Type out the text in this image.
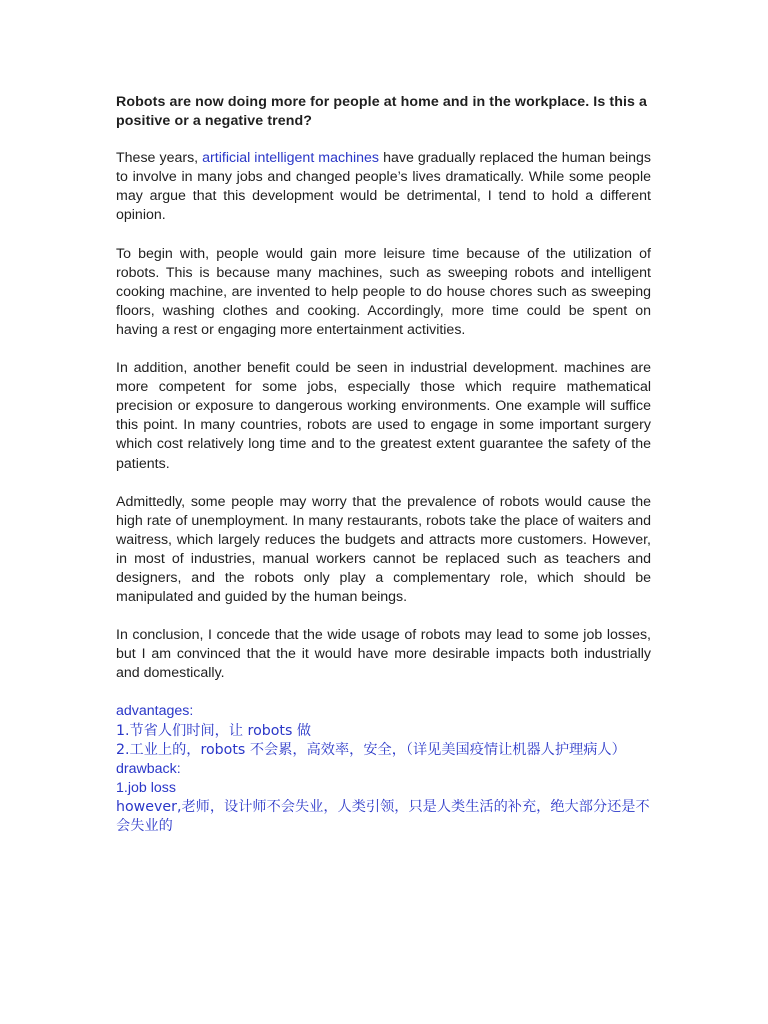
Robots are now doing more for people at home and in the workplace. Is this a positive or a negative trend?

These years, artificial intelligent machines have gradually replaced the human beings to involve in many jobs and changed people’s lives dramatically. While some people may argue that this development would be detrimental, I tend to hold a different opinion.

To begin with, people would gain more leisure time because of the utilization of robots. This is because many machines, such as sweeping robots and intelligent cooking machine, are invented to help people to do house chores such as sweeping floors, washing clothes and cooking. Accordingly, more time could be spent on having a rest or engaging more entertainment activities.

In addition, another benefit could be seen in industrial development. machines are more competent for some jobs, especially those which require mathematical precision or exposure to dangerous working environments. One example will suffice this point. In many countries, robots are used to engage in some important surgery which cost relatively long time and to the greatest extent guarantee the safety of the patients.

Admittedly, some people may worry that the prevalence of robots would cause the high rate of unemployment. In many restaurants, robots take the place of waiters and waitress, which largely reduces the budgets and attracts more customers. However, in most of industries, manual workers cannot be replaced such as teachers and designers, and the robots only play a complementary role, which should be manipulated and guided by the human beings.

In conclusion, I concede that the wide usage of robots may lead to some job losses, but I am convinced that the it would have more desirable impacts both industrially and domestically.

advantages:
1.节省人们时间，让 robots 做
2.工业上的，robots 不会累，高效率，安全，（详见美国疫情让机器人护理病人）
drawback:
1.job loss
however,老师，设计师不会失业，人类引领，只是人类生活的补充，绝大部分还是不会失业的
